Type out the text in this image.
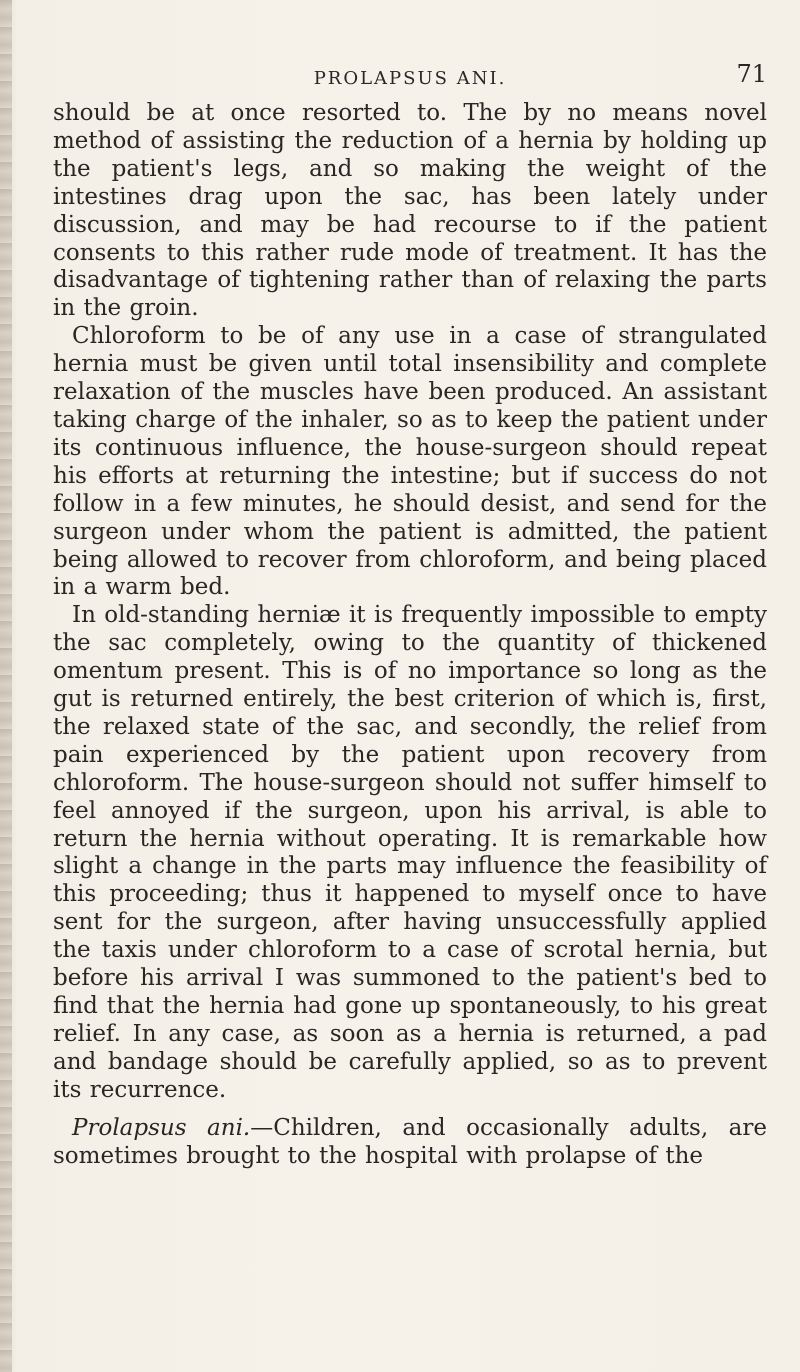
PROLAPSUS ANI.	71

should be at once resorted to. The by no means novel method of assisting the reduction of a hernia by holding up the patient's legs, and so making the weight of the intestines drag upon the sac, has been lately under discussion, and may be had recourse to if the patient consents to this rather rude mode of treatment. It has the disadvantage of tightening rather than of relaxing the parts in the groin.

Chloroform to be of any use in a case of strangulated hernia must be given until total insensibility and complete relaxation of the muscles have been produced. An assistant taking charge of the inhaler, so as to keep the patient under its continuous influence, the house-surgeon should repeat his efforts at returning the intestine; but if success do not follow in a few minutes, he should desist, and send for the surgeon under whom the patient is admitted, the patient being allowed to recover from chloroform, and being placed in a warm bed.

In old-standing herniæ it is frequently impossible to empty the sac completely, owing to the quantity of thickened omentum present. This is of no importance so long as the gut is returned entirely, the best criterion of which is, first, the relaxed state of the sac, and secondly, the relief from pain experienced by the patient upon recovery from chloroform. The house-surgeon should not suffer himself to feel annoyed if the surgeon, upon his arrival, is able to return the hernia without operating. It is remarkable how slight a change in the parts may influence the feasibility of this proceeding; thus it happened to myself once to have sent for the surgeon, after having unsuccessfully applied the taxis under chloroform to a case of scrotal hernia, but before his arrival I was summoned to the patient's bed to find that the hernia had gone up spontaneously, to his great relief. In any case, as soon as a hernia is returned, a pad and bandage should be carefully applied, so as to prevent its recurrence.

Prolapsus ani.—Children, and occasionally adults, are sometimes brought to the hospital with prolapse of the
